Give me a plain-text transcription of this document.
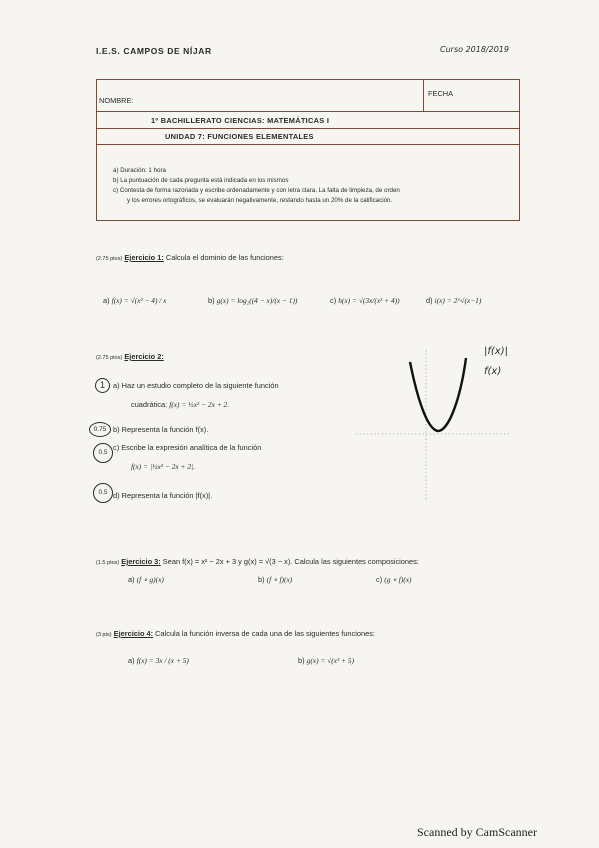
I.E.S. CAMPOS DE NÍJAR	Curso 2018/2019
NOMBRE:
FECHA
1º BACHILLERATO CIENCIAS: MATEMÁTICAS I
UNIDAD 7: FUNCIONES ELEMENTALES
a) Duración: 1 hora
b) La puntuación de cada pregunta está indicada en los mismos
c) Contesta de forma razonada y escribe ordenadamente y con letra clara. La falta de limpieza, de orden
y los errores ortográficos, se evaluarán negativamente, restando hasta un 20% de la calificación.
(2.75 ptos) Ejercicio 1: Calcula el dominio de las funciones:
a) f(x) = √(x² − 4) / x	b) g(x) = log₂((4 − x)/(x − 1))	c) h(x) = √(3x/(x² + 4))	d) i(x) = 2^√(x−1)
(2.75 ptos) Ejercicio 2:
1
0.75
0.5
0.5
a) Haz un estudio completo de la siguiente función
cuadrática: f(x) = ½x² − 2x + 2.
b) Representa la función f(x).
c) Escribe la expresión analítica de la función
f(x) = |½x² − 2x + 2|.
d) Representa la función |f(x)|.
|f(x)|
f(x)
(1.5 ptos) Ejercicio 3: Sean f(x) = x² − 2x + 3 y g(x) = √(3 − x). Calcula las siguientes composiciones:
a) (f ∘ g)(x)	b) (f ∘ f)(x)	c) (g ∘ f)(x)
(3 pts) Ejercicio 4: Calcula la función inversa de cada una de las siguientes funciones:
a) f(x) = 3x / (x + 5)	b) g(x) = √(x³ + 5)
Scanned by CamScanner
